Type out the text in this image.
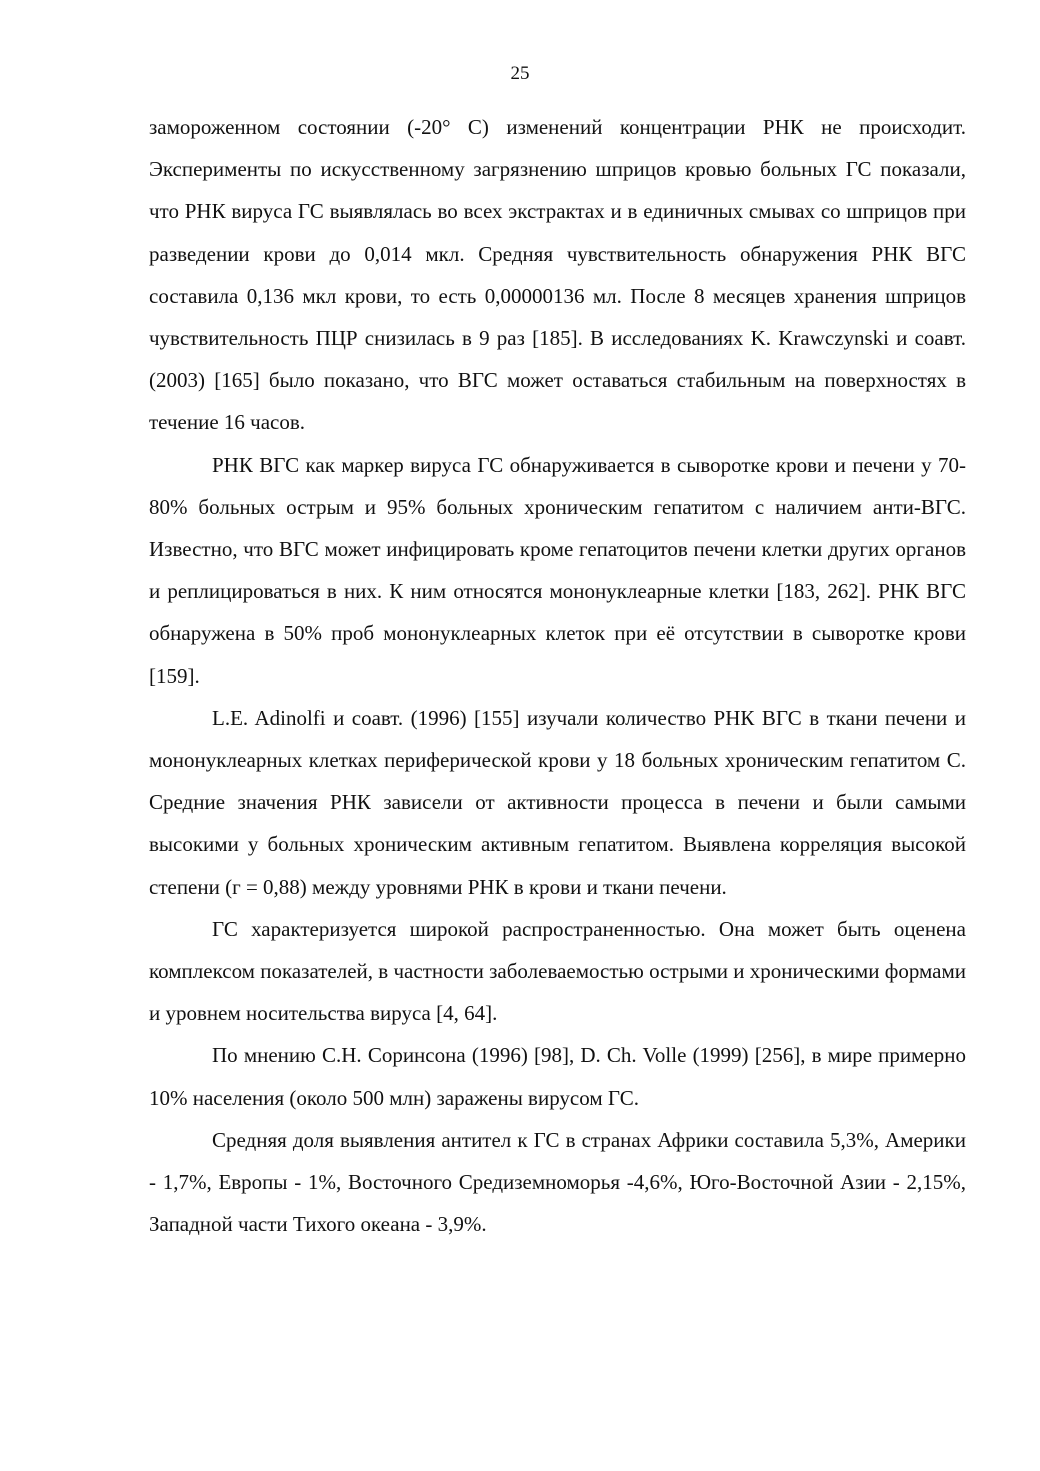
25

замороженном состоянии (-20° С) изменений концентрации РНК не происходит. Эксперименты по искусственному загрязнению шприцов кровью больных ГС показали, что РНК вируса ГС выявлялась во всех экстрактах и в единичных смывах со шприцов при разведении крови до 0,014 мкл. Средняя чувствительность обнаружения РНК ВГС составила 0,136 мкл крови, то есть 0,00000136 мл. После 8 месяцев хранения шприцов чувствительность ПЦР снизилась в 9 раз [185]. В исследованиях K. Krawczynski и соавт. (2003) [165] было показано, что ВГС может оставаться стабильным на поверхностях в течение 16 часов.

РНК ВГС как маркер вируса ГС обнаруживается в сыворотке крови и печени у 70-80% больных острым и 95% больных хроническим гепатитом с наличием анти-ВГС. Известно, что ВГС может инфицировать кроме гепатоцитов печени клетки других органов и реплицироваться в них. К ним относятся мононуклеарные клетки [183, 262]. РНК ВГС обнаружена в 50% проб мононуклеарных клеток при её отсутствии в сыворотке крови [159].

L.E. Adinolfi и соавт. (1996) [155] изучали количество РНК ВГС в ткани печени и мононуклеарных клетках периферической крови у 18 больных хроническим гепатитом С. Средние значения РНК зависели от активности процесса в печени и были самыми высокими у больных хроническим активным гепатитом. Выявлена корреляция высокой степени (г = 0,88) между уровнями РНК в крови и ткани печени.

ГС характеризуется широкой распространенностью. Она может быть оценена комплексом показателей, в частности заболеваемостью острыми и хроническими формами и уровнем носительства вируса [4, 64].

По мнению С.Н. Соринсона (1996) [98], D. Ch. Volle (1999) [256], в мире примерно 10% населения (около 500 млн) заражены вирусом ГС.

Средняя доля выявления антител к ГС в странах Африки составила 5,3%, Америки - 1,7%, Европы - 1%, Восточного Средиземноморья -4,6%, Юго-Восточной Азии - 2,15%, Западной части Тихого океана - 3,9%.
